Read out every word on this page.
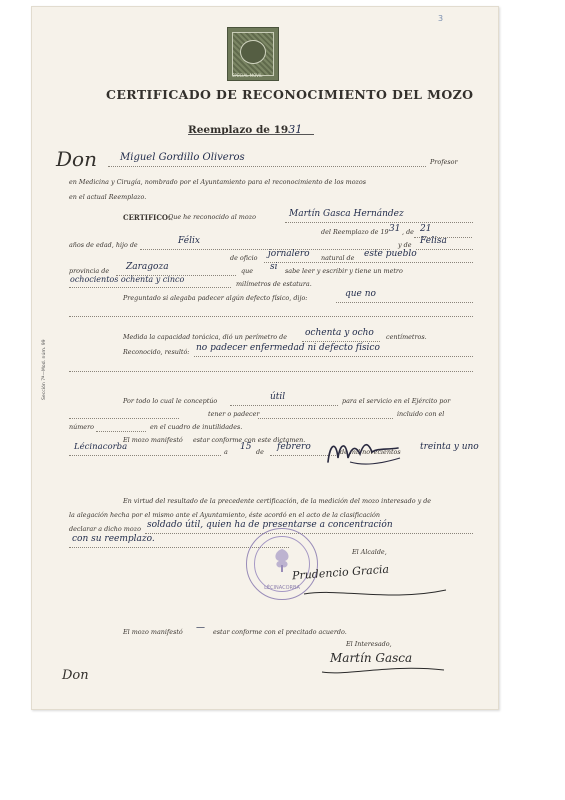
3
SPECIAL MOVIL
Sección 7ª—Mod. núm. 99
CERTIFICADO DE RECONOCIMIENTO DEL MOZO
Reemplazo de 1931
Don Miguel Gordillo Oliveros	Profesor
en Medicina y Cirugía, nombrado por el Ayuntamiento para el reconocimiento de los mozos
en el actual Reemplazo.
CERTIFICO:
Que he reconocido al mozo	Martín Gasca Hernández
del Reemplazo de 19 31 , de 21
años de edad, hijo de	Félix	y de Felisa
de oficio jornalero natural de este pueblo
provincia de Zaragoza	que si sabe leer y escribir y tiene un metro
ochocientos ochenta y cinco	milímetros de estatura.
Preguntado si alegaba padecer algún defecto físico, dijo:	que no
Medida la capacidad torácica, dió un perímetro de ochenta y ocho centímetros.
Reconocido, resultó: no padecer enfermedad ni defecto físico
Por todo lo cual le conceptúo	útil	para el servicio en el Ejército por
tener o padecer	incluido con el
número	en el cuadro de inutilidades.
El mozo manifestó estar conforme con este dictamen.
Lécinacorba	a 15 de febrero	de mil novecientos treinta y uno
En virtud del resultado de la precedente certificación, de la medición del mozo interesado y de
la alegación hecha por el mismo ante el Ayuntamiento, éste acordó en el acto de la clasificación
declarar a dicho mozo soldado útil, quien ha de presentarse a concentración
con su reemplazo.
El Alcalde,
LÉCINACORBA
Prudencio Gracia
El mozo manifestó — estar conforme con el precitado acuerdo.
El Interesado,
Martín Gasca
Don
